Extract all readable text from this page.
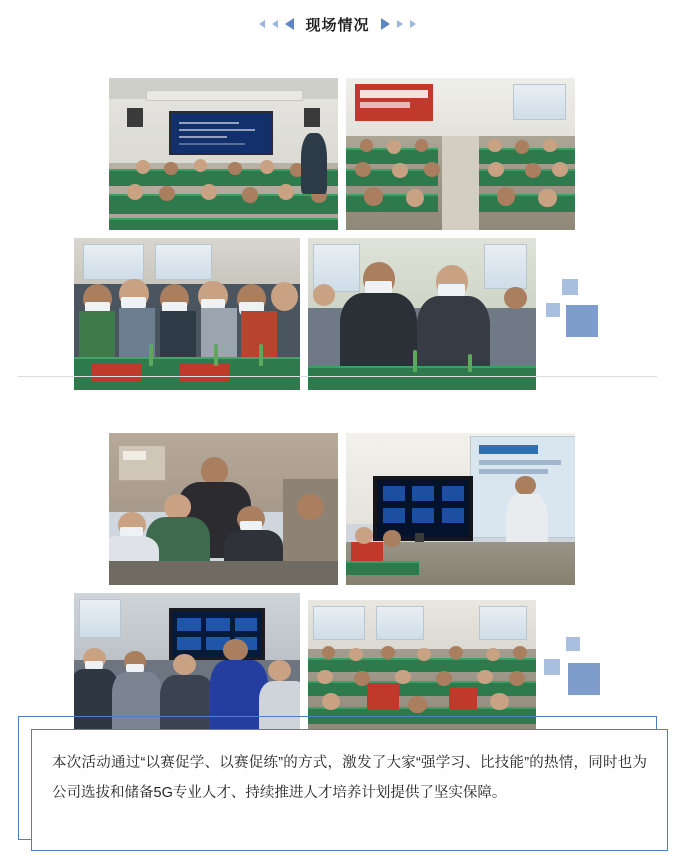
现场情况
本次活动通过“以赛促学、以赛促练”的方式，激发了大家“强学习、比技能”的热情，同时也为公司选拔和储备5G专业人才、持续推进人才培养计划提供了坚实保障。
